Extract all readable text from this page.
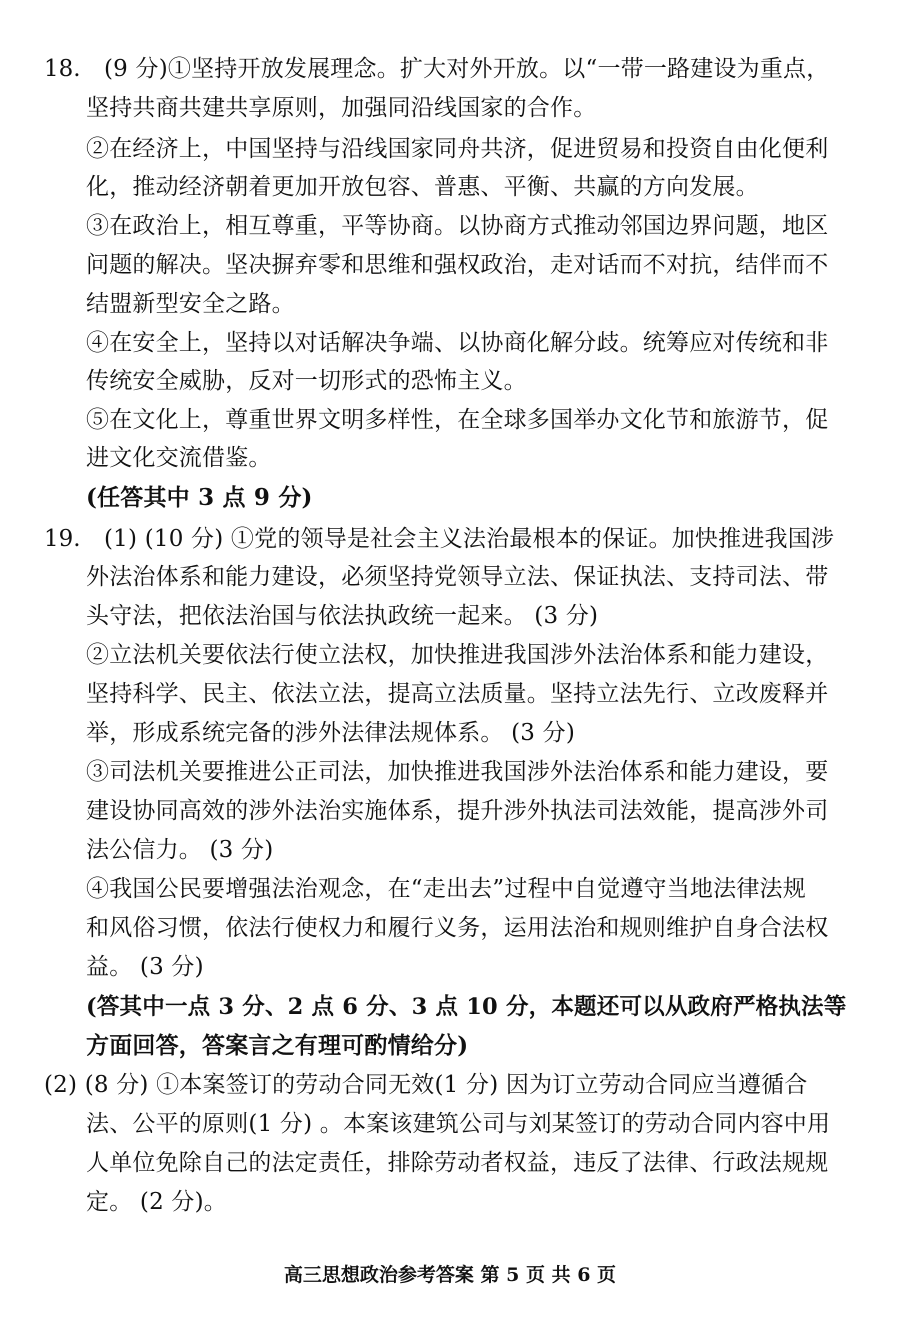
18. (9 分)①坚持开放发展理念。扩大对外开放。以“一带一路建设为重点，
坚持共商共建共享原则，加强同沿线国家的合作。
②在经济上，中国坚持与沿线国家同舟共济，促进贸易和投资自由化便利
化，推动经济朝着更加开放包容、普惠、平衡、共赢的方向发展。
③在政治上，相互尊重，平等协商。以协商方式推动邻国边界问题，地区
问题的解决。坚决摒弃零和思维和强权政治，走对话而不对抗，结伴而不
结盟新型安全之路。
④在安全上，坚持以对话解决争端、以协商化解分歧。统筹应对传统和非
传统安全威胁，反对一切形式的恐怖主义。
⑤在文化上，尊重世界文明多样性，在全球多国举办文化节和旅游节，促
进文化交流借鉴。
(任答其中 3 点 9 分)
19. (1) (10 分) ①党的领导是社会主义法治最根本的保证。加快推进我国涉
外法治体系和能力建设，必须坚持党领导立法、保证执法、支持司法、带
头守法，把依法治国与依法执政统一起来。 (3 分)
②立法机关要依法行使立法权，加快推进我国涉外法治体系和能力建设，
坚持科学、民主、依法立法，提高立法质量。坚持立法先行、立改废释并
举，形成系统完备的涉外法律法规体系。 (3 分)
③司法机关要推进公正司法，加快推进我国涉外法治体系和能力建设，要
建设协同高效的涉外法治实施体系，提升涉外执法司法效能，提高涉外司
法公信力。 (3 分)
④我国公民要增强法治观念，在“走出去”过程中自觉遵守当地法律法规
和风俗习惯，依法行使权力和履行义务，运用法治和规则维护自身合法权
益。 (3 分)
(答其中一点 3 分、2 点 6 分、3 点 10 分，本题还可以从政府严格执法等
方面回答，答案言之有理可酌情给分)
(2) (8 分) ①本案签订的劳动合同无效(1 分) 因为订立劳动合同应当遵循合
法、公平的原则(1 分) 。本案该建筑公司与刘某签订的劳动合同内容中用
人单位免除自己的法定责任，排除劳动者权益，违反了法律、行政法规规
定。 (2 分)。
高三思想政治参考答案 第 5 页 共 6 页
